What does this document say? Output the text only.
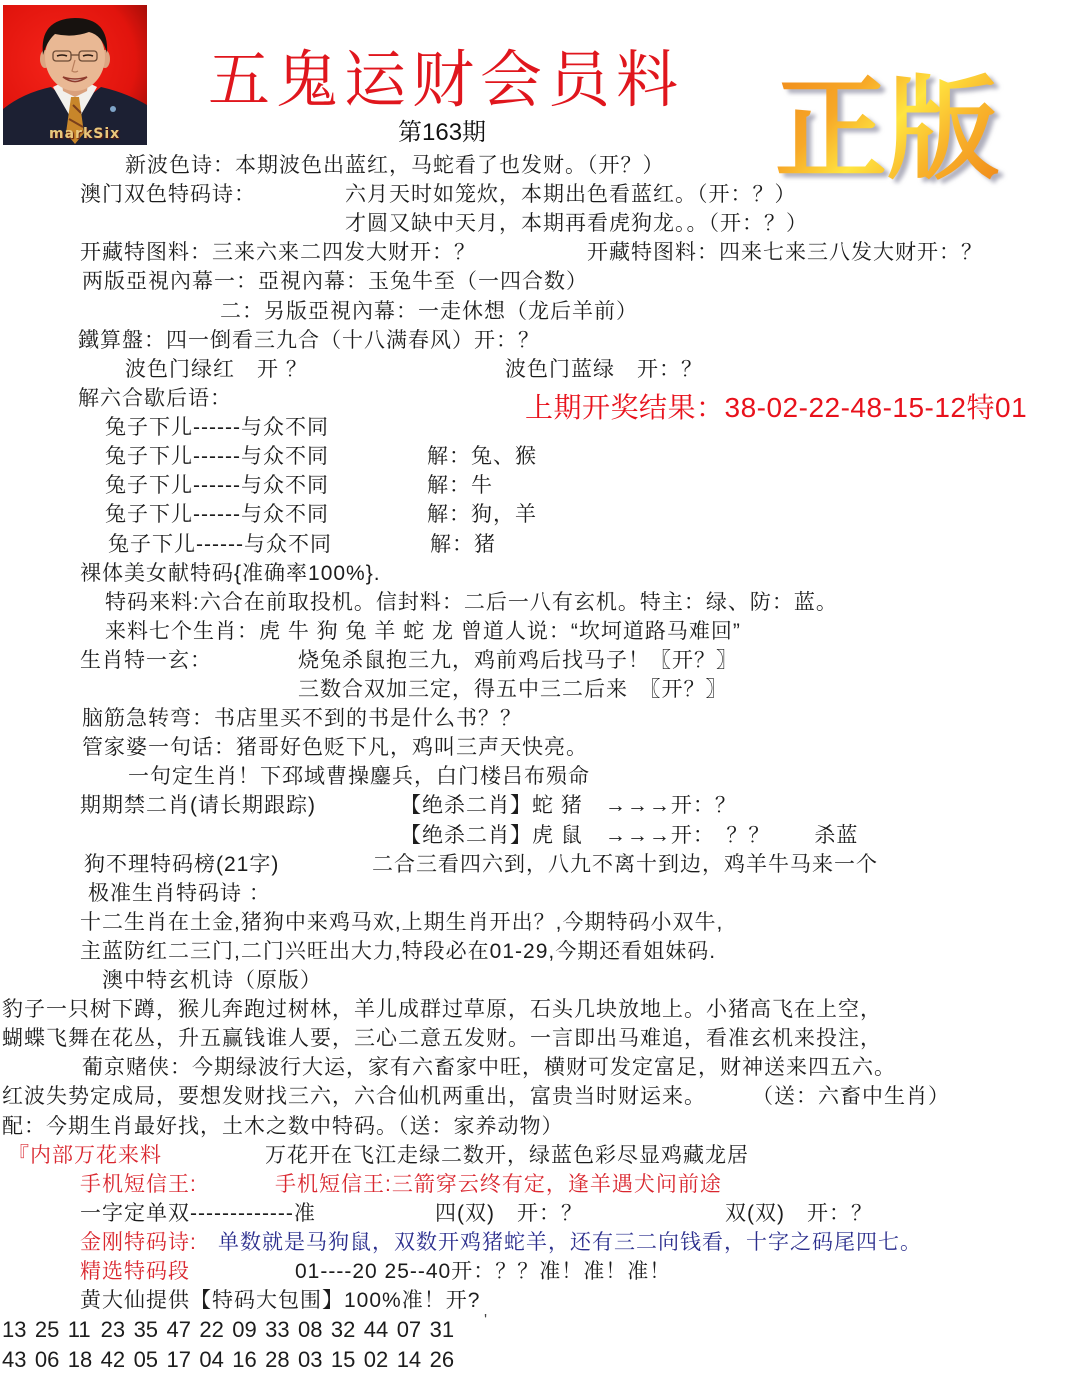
markSix
五鬼运财会员料
第163期	正版
新波色诗：本期波色出蓝红，马蛇看了也发财。（开？）
澳门双色特码诗：	六月天时如笼炊，本期出色看蓝红。（开：？）
才圆又缺中天月，本期再看虎狗龙。。（开：？）
开藏特图料：三来六来二四发大财开：？	开藏特图料：四来七来三八发大财开：？
两版亞視內幕一：亞視內幕：玉兔牛至（一四合数）
二：另版亞視內幕：一走休想（龙后羊前）
鐵算盤：四一倒看三九合（十八满春风）开：？
波色门绿红　开 ？	波色门蓝绿　开：？
解六合歇后语：	上期开奖结果：38-02-22-48-15-12特01
兔子下儿------与众不同
兔子下儿------与众不同	解：兔、猴
兔子下儿------与众不同	解：牛
兔子下儿------与众不同	解：狗，羊
兔子下儿------与众不同	解：猪
裸体美女献特码{准确率100%}.
特码来料:六合在前取投机。信封料：二后一八有玄机。特主：绿、防：蓝。
来料七个生肖：虎 牛 狗 兔 羊 蛇 龙 曾道人说：“坎坷道路马难回”
生肖特一玄：	烧兔杀鼠抱三九，鸡前鸡后找马子！〖开？〗
三数合双加三定，得五中三二后来　〖开？〗
脑筋急转弯：书店里买不到的书是什么书？？
管家婆一句话：猪哥好色贬下凡，鸡叫三声天快亮。
一句定生肖！下邳域曹操鏖兵，白门楼吕布殒命
期期禁二肖(请长期跟踪)	【绝杀二肖】蛇 猪　→→→开：？
【绝杀二肖】虎 鼠　→→→开：　？？　　杀蓝
狗不理特码榜(21字)	二合三看四六到，八九不离十到边，鸡羊牛马来一个
极准生肖特码诗 ：
十二生肖在土金,猪狗中来鸡马欢,上期生肖开出？,今期特码小双牛,
主蓝防红二三门,二门兴旺出大力,特段必在01-29,今期还看姐妹码.
澳中特玄机诗（原版）
豹子一只树下蹲，猴儿奔跑过树林，羊儿成群过草原，石头几块放地上。小猪高飞在上空，
蝴蝶飞舞在花丛，升五赢钱谁人要，三心二意五发财。一言即出马难追，看准玄机来投注，
葡京赌侠：今期绿波行大运，家有六畜家中旺，横财可发定富足，财神送来四五六。
红波失势定成局，要想发财找三六，六合仙机两重出，富贵当时财运来。 （送：六畜中生肖）
配：今期生肖最好找，土木之数中特码。（送：家养动物）
『内部万花来料	万花开在飞江走绿二数开，绿蓝色彩尽显鸡藏龙居
手机短信王:	手机短信王:三箭穿云终有定，逢羊遇犬问前途
一字定单双-------------准	四(双)　开：？	双(双)　开：？
金刚特码诗: 单数就是马狗鼠，双数开鸡猪蛇羊，还有三二向钱看，十字之码尾四七。
精选特码段	01----20 25--40开：？？准！准！准！
黄大仙提供【特码大包围】100%准！开?
13 25 11 23 35 47 22 09 33 08 32 44 07 31	'
43 06 18 42 05 17 04 16 28 03 15 02 14 26
